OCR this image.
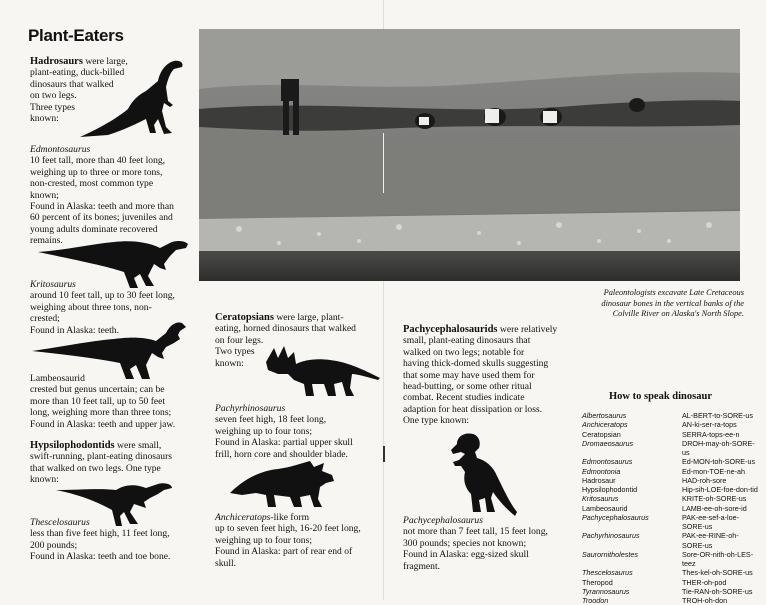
Plant-Eaters
Hadrosaurs were large,
plant-eating, duck-billed
dinosaurs that walked
on two legs.
Three types
known:
Edmontosaurus
10 feet tall, more than 40 feet long,
weighing up to three or more tons,
non-crested, most common type
known;
Found in Alaska: teeth and more than
60 percent of its bones; juveniles and
young adults dominate recovered
remains.
Kritosaurus
around 10 feet tall, up to 30 feet long,
weighing about three tons, non-
crested;
Found in Alaska: teeth.
Lambeosaurid
crested but genus uncertain; can be
more than 10 feet tall, up to 50 feet
long, weighing more than three tons;
Found in Alaska: teeth and upper jaw.
Hypsilophodontids were small,
swift-running, plant-eating dinosaurs
that walked on two legs. One type
known:
Thescelosaurus
less than five feet high, 11 feet long,
200 pounds;
Found in Alaska: teeth and toe bone.
Paleontologists excavate Late Cretaceous
dinosaur bones in the vertical banks of the
Colville River on Alaska's North Slope.
Ceratopsians were large, plant-
eating, horned dinosaurs that walked
on four legs.
Two types
known:
Pachyrhinosaurus
seven feet high, 18 feet long,
weighing up to four tons;
Found in Alaska: partial upper skull
frill, horn core and shoulder blade.
Anchiceratops-like form
up to seven feet high, 16-20 feet long,
weighing up to four tons;
Found in Alaska: part of rear end of
skull.
Pachycephalosaurids were relatively
small, plant-eating dinosaurs that
walked on two legs; notable for
having thick-domed skulls suggesting
that some may have used them for
head-butting, or some other ritual
combat. Recent studies indicate
adaption for heat dissipation or loss.
One type known:
Pachycephalosaurus
not more than 7 feet tall, 15 feet long,
300 pounds; species not known;
Found in Alaska: egg-sized skull
fragment.
How to speak dinosaur
Albertosaurus	AL-BERT-to-SORE-us
Anchiceratops	AN-ki-ser-ra-tops
Ceratopsian	SERRA-tops-ee-n
Dromaeosaurus	DROH-may-oh-SORE-us
Edmontosaurus	Ed-MON-toh-SORE-us
Edmontonia	Ed-mon-TOE-ne-ah
Hadrosaur	HAD-roh-sore
Hypsilophodontid	Hip-sih-LOE-foe-don-tid
Kritosaurus	KRITE-oh-SORE-us
Lambeosaurid	LAMB-ee-oh-sore-id
Pachycephalosaurus	PAK-ee-sef-a-loe-SORE-us
Pachyrhinosaurus	PAK-ee-RINE-oh-SORE-us
Saurornitholestes	Sore-OR-nith-oh-LES-teez
Thescelosaurus	Thes-kel-oh-SORE-us
Theropod	THER-oh-pod
Tyrannosaurus	Tie-RAN-oh-SORE-us
Troodon	TROH-oh-don
